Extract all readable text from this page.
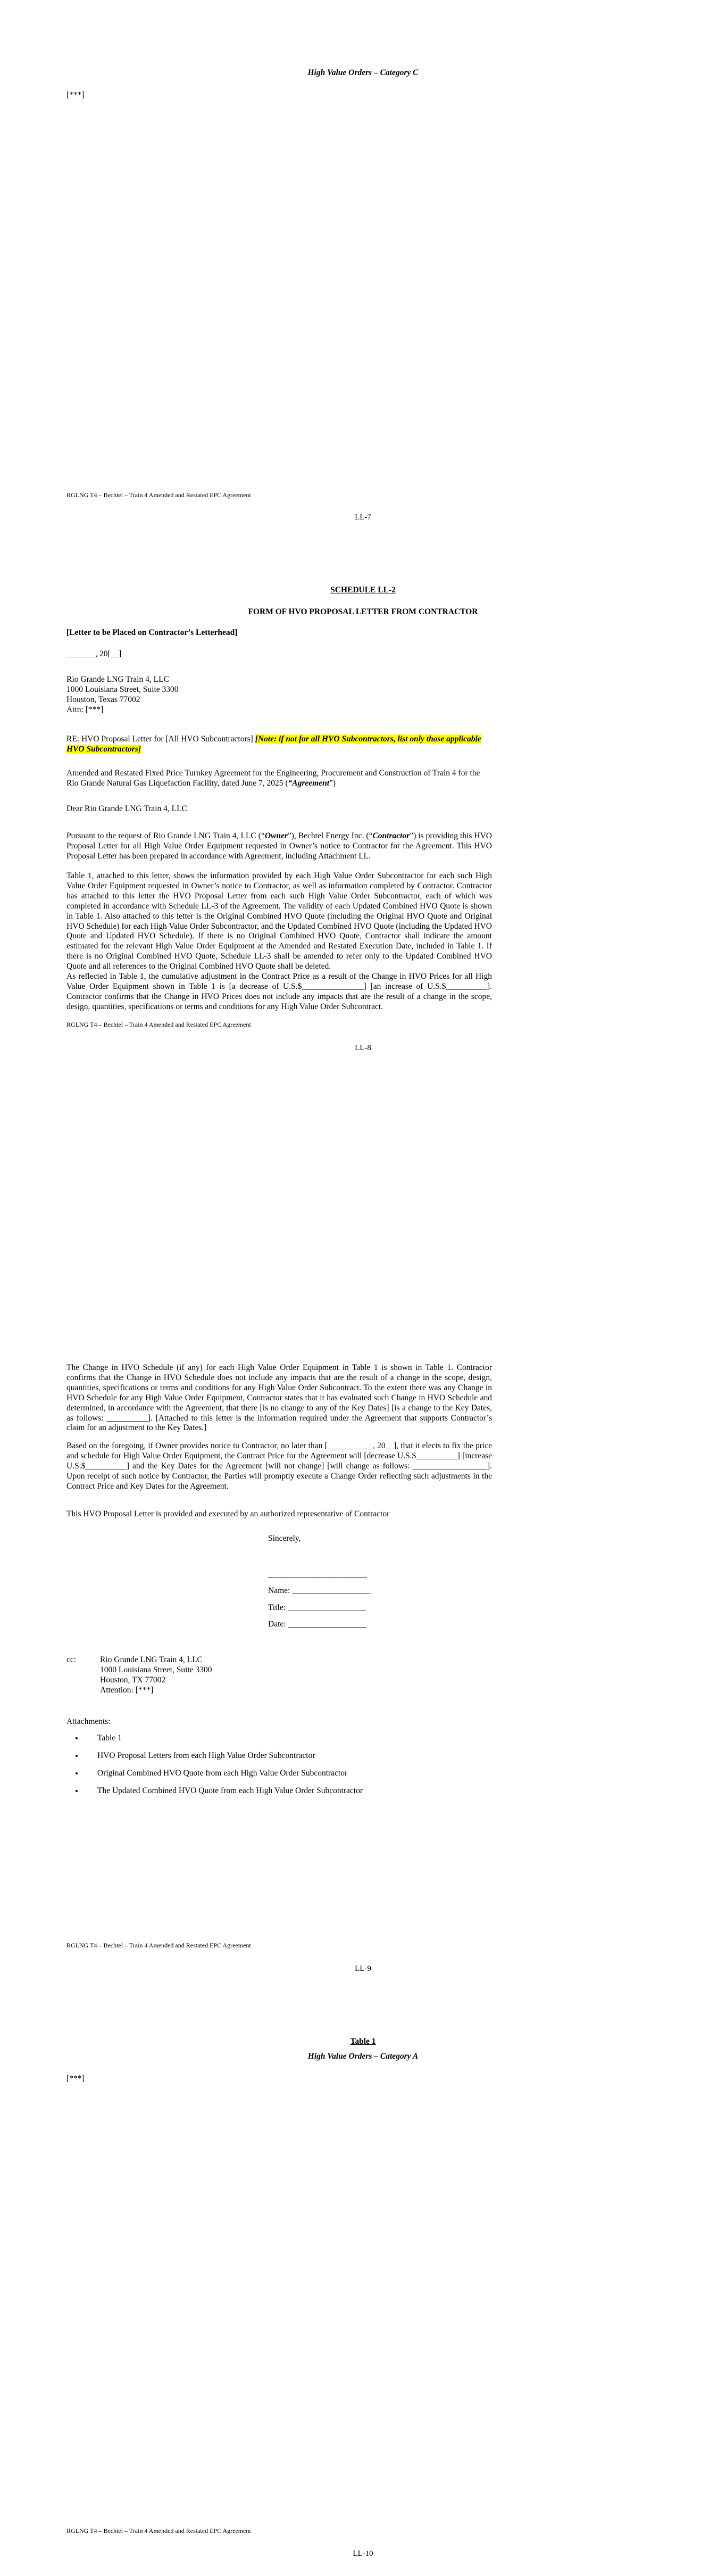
High Value Orders – Category C
[***]
RGLNG T4 – Bechtel – Train 4 Amended and Restated EPC Agreement
LL-7
SCHEDULE LL-2
FORM OF HVO PROPOSAL LETTER FROM CONTRACTOR
[Letter to be Placed on Contractor’s Letterhead]
_______, 20[__]
Rio Grande LNG Train 4, LLC
1000 Louisiana Street, Suite 3300
Houston, Texas 77002
Attn: [***]
RE: HVO Proposal Letter for [All HVO Subcontractors] [Note: if not for all HVO Subcontractors, list only those applicable HVO Subcontractors]
Amended and Restated Fixed Price Turnkey Agreement for the Engineering, Procurement and Construction of Train 4 for the Rio Grande Natural Gas Liquefaction Facility, dated June 7, 2025 (“Agreement”)
Dear Rio Grande LNG Train 4, LLC
Pursuant to the request of Rio Grande LNG Train 4, LLC (“Owner”), Bechtel Energy Inc. (“Contractor”) is providing this HVO Proposal Letter for all High Value Order Equipment requested in Owner’s notice to Contractor for the Agreement. This HVO Proposal Letter has been prepared in accordance with Agreement, including Attachment LL.

Table 1, attached to this letter, shows the information provided by each High Value Order Subcontractor for each such High Value Order Equipment requested in Owner’s notice to Contractor, as well as information completed by Contractor. Contractor has attached to this letter the HVO Proposal Letter from each such High Value Order Subcontractor, each of which was completed in accordance with Schedule LL-3 of the Agreement. The validity of each Updated Combined HVO Quote is shown in Table 1. Also attached to this letter is the Original Combined HVO Quote (including the Original HVO Quote and Original HVO Schedule) for each High Value Order Subcontractor, and the Updated Combined HVO Quote (including the Updated HVO Quote and Updated HVO Schedule). If there is no Original Combined HVO Quote, Contractor shall indicate the amount estimated for the relevant High Value Order Equipment at the Amended and Restated Execution Date, included in Table 1. If there is no Original Combined HVO Quote, Schedule LL-3 shall be amended to refer only to the Updated Combined HVO Quote and all references to the Original Combined HVO Quote shall be deleted.

As reflected in Table 1, the cumulative adjustment in the Contract Price as a result of the Change in HVO Prices for all High Value Order Equipment shown in Table 1 is [a decrease of U.S.$_______________] [an increase of U.S.$__________]. Contractor confirms that the Change in HVO Prices does not include any impacts that are the result of a change in the scope, design, quantities, specifications or terms and conditions for any High Value Order Subcontract.

RGLNG T4 – Bechtel – Train 4 Amended and Restated EPC Agreement
LL-8

The Change in HVO Schedule (if any) for each High Value Order Equipment in Table 1 is shown in Table 1. Contractor confirms that the Change in HVO Schedule does not include any impacts that are the result of a change in the scope, design, quantities, specifications or terms and conditions for any High Value Order Subcontract. To the extent there was any Change in HVO Schedule for any High Value Order Equipment, Contractor states that it has evaluated such Change in HVO Schedule and determined, in accordance with the Agreement, that there [is no change to any of the Key Dates] [is a change to the Key Dates, as follows: __________]. [Attached to this letter is the information required under the Agreement that supports Contractor’s claim for an adjustment to the Key Dates.]

Based on the foregoing, if Owner provides notice to Contractor, no later than [___________, 20__], that it elects to fix the price and schedule for High Value Order Equipment, the Contract Price for the Agreement will [decrease U.S.$__________] [increase U.S.$__________] and the Key Dates for the Agreement [will not change] [will change as follows: __________________]. Upon receipt of such notice by Contractor, the Parties will promptly execute a Change Order reflecting such adjustments in the Contract Price and Key Dates for the Agreement.

This HVO Proposal Letter is provided and executed by an authorized representative of Contractor

Sincerely,
________________________
Name: ___________________
Title: ___________________
Date: ___________________
cc:	Rio Grande LNG Train 4, LLC
1000 Louisiana Street, Suite 3300
Houston, TX 77002
Attention: [***]
Attachments:
• Table 1
• HVO Proposal Letters from each High Value Order Subcontractor
• Original Combined HVO Quote from each High Value Order Subcontractor
• The Updated Combined HVO Quote from each High Value Order Subcontractor
RGLNG T4 – Bechtel – Train 4 Amended and Restated EPC Agreement
LL-9
Table 1
High Value Orders – Category A
[***]
RGLNG T4 – Bechtel – Train 4 Amended and Restated EPC Agreement
LL-10
